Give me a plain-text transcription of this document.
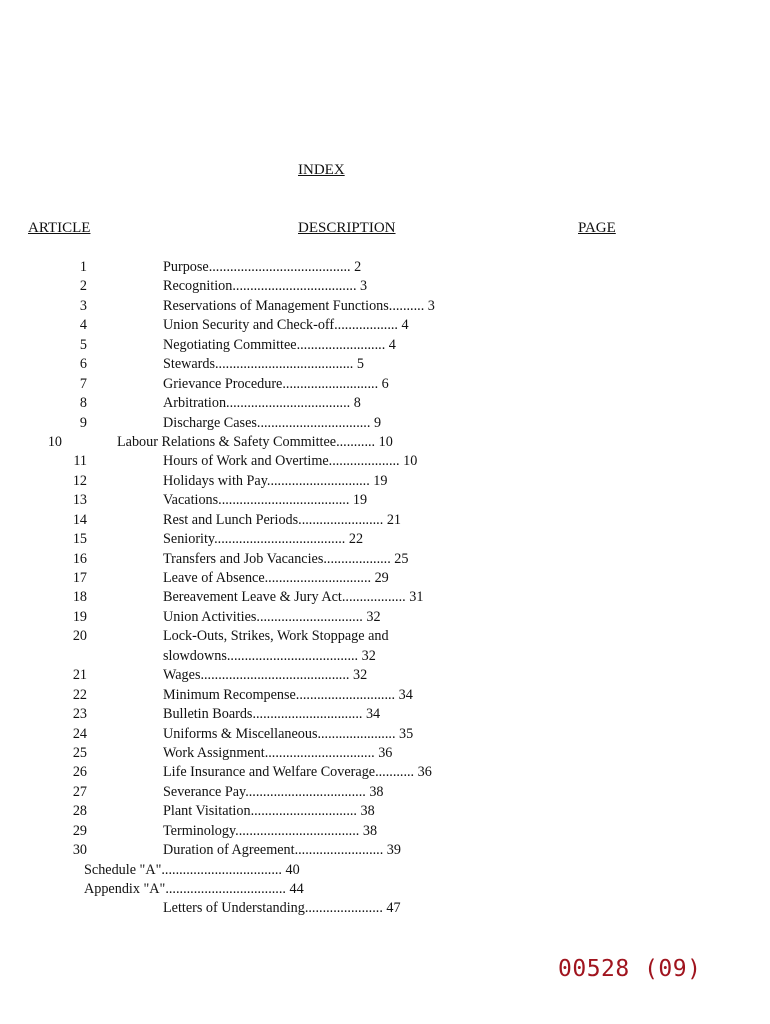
INDEX
ARTICLE	DESCRIPTION	PAGE
1	Purpose........................................ 2
2	Recognition................................... 3
3	Reservations of Management Functions.......... 3
4	Union Security and Check-off.................. 4
5	Negotiating Committee......................... 4
6	Stewards....................................... 5
7	Grievance Procedure........................... 6
8	Arbitration................................... 8
9	Discharge Cases................................ 9
10	Labour Relations & Safety Committee........... 10
11	Hours of Work and Overtime.................... 10
12	Holidays with Pay............................. 19
13	Vacations..................................... 19
14	Rest and Lunch Periods........................ 21
15	Seniority..................................... 22
16	Transfers and Job Vacancies................... 25
17	Leave of Absence.............................. 29
18	Bereavement Leave & Jury Act.................. 31
19	Union Activities.............................. 32
20	Lock-Outs, Strikes, Work Stoppage and
slowdowns..................................... 32
21	Wages.......................................... 32
22	Minimum Recompense............................ 34
23	Bulletin Boards............................... 34
24	Uniforms & Miscellaneous...................... 35
25	Work Assignment............................... 36
26	Life Insurance and Welfare Coverage........... 36
27	Severance Pay.................................. 38
28	Plant Visitation.............................. 38
29	Terminology................................... 38
30	Duration of Agreement......................... 39
Schedule "A".................................. 40
Appendix "A".................................. 44
Letters of Understanding...................... 47
00528 (09)
